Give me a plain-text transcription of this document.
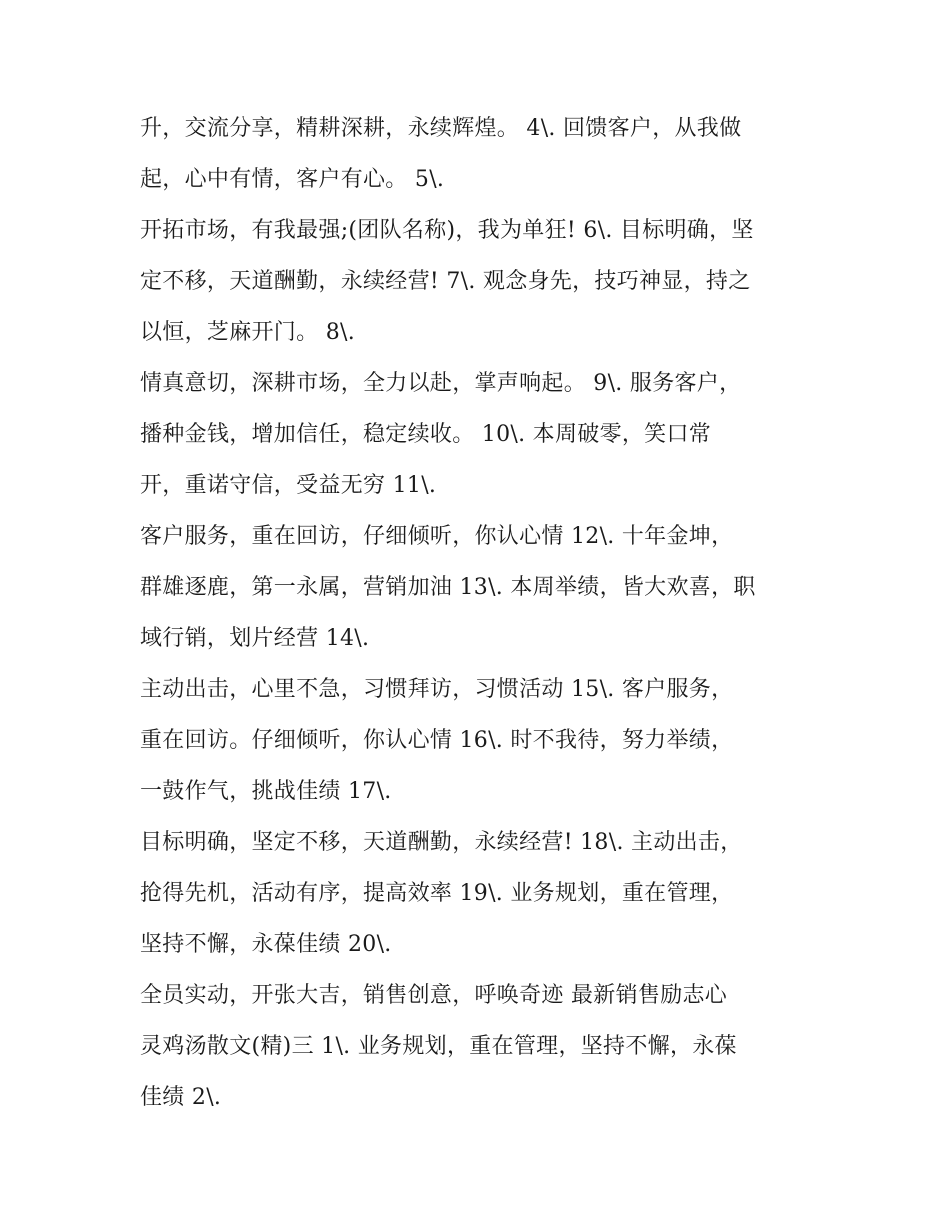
升，交流分享，精耕深耕，永续辉煌。 4\. 回馈客户，从我做
起，心中有情，客户有心。 5\.
开拓市场，有我最强;(团队名称)，我为单狂! 6\. 目标明确，坚
定不移，天道酬勤，永续经营! 7\. 观念身先，技巧神显，持之
以恒，芝麻开门。 8\.
情真意切，深耕市场，全力以赴，掌声响起。 9\. 服务客户，
播种金钱，增加信任，稳定续收。 10\. 本周破零，笑口常
开，重诺守信，受益无穷 11\.
客户服务，重在回访，仔细倾听，你认心情 12\. 十年金坤，
群雄逐鹿，第一永属，营销加油 13\. 本周举绩，皆大欢喜，职
域行销，划片经营 14\.
主动出击，心里不急，习惯拜访，习惯活动 15\. 客户服务，
重在回访。仔细倾听，你认心情 16\. 时不我待，努力举绩，
一鼓作气，挑战佳绩 17\.
目标明确，坚定不移，天道酬勤，永续经营! 18\. 主动出击，
抢得先机，活动有序，提高效率 19\. 业务规划，重在管理，
坚持不懈，永葆佳绩 20\.
全员实动，开张大吉，销售创意，呼唤奇迹 最新销售励志心
灵鸡汤散文(精)三 1\. 业务规划，重在管理，坚持不懈，永葆
佳绩 2\.
